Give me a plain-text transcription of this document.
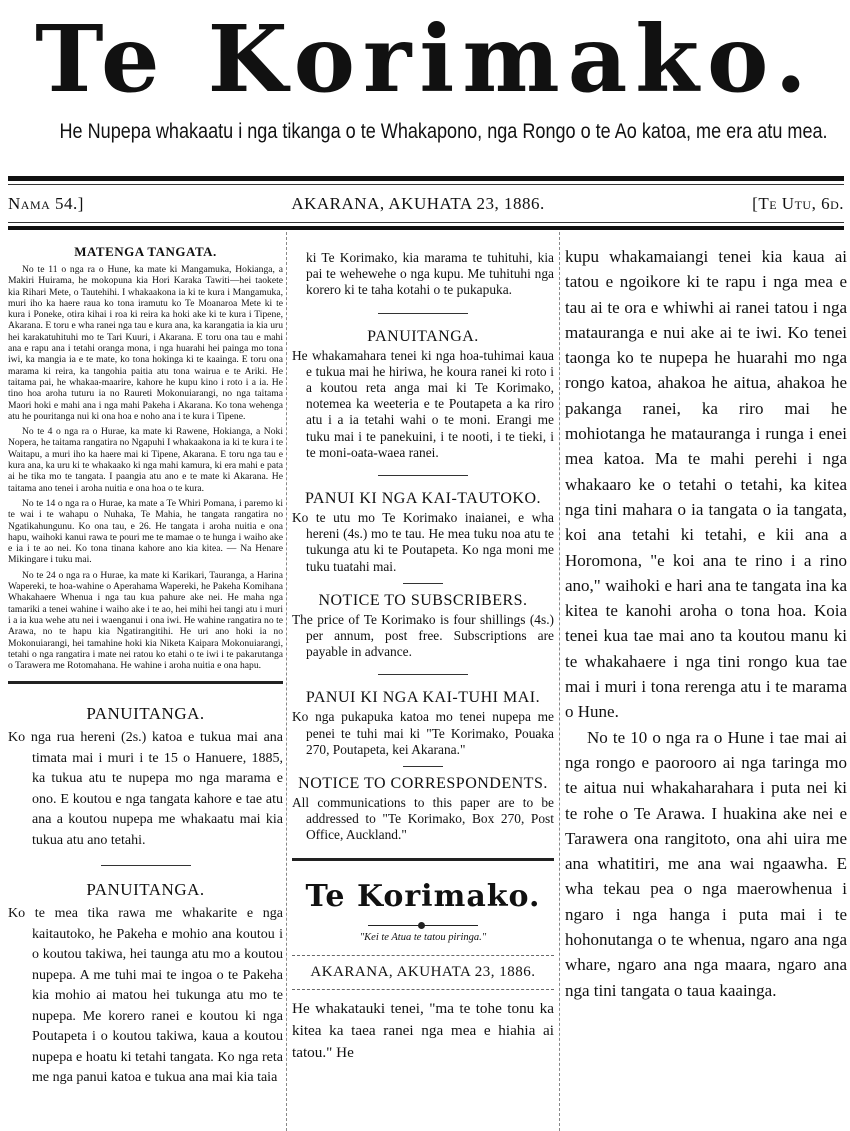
Te Korimako.
He Nupepa whakaatu i nga tikanga o te Whakapono, nga Rongo o te Ao katoa, me era atu mea.
Nama 54.]	AKARANA, AKUHATA 23, 1886.	[Te Utu, 6d.
MATENGA TANGATA.

No te 11 o nga ra o Hune, ka mate ki Mangamuka, Hokianga, a Makiri Huirama, he mokopuna kia Hori Karaka Tawiti—hei taokete kia Rihari Mete, o Tautehihi. I whakaakona ia ki te kura i Mangamuka, muri iho ka haere raua ko tona iramutu ko Te Moanaroa Mete ki te kura i Poneke, otira kihai i roa ki reira ka hoki ake ki te kura i Tipene, Akarana. E toru e wha ranei nga tau e kura ana, ka karangatia ia kia uru hei karakatuhituhi mo te Tari Kuuri, i Akarana. E toru ona tau e mahi ana e rapu ana i tetahi oranga mona, i nga huarahi hei painga mo tona iwi, ka mangia ia e te mate, ko tona hokinga ki te kaainga. E toru ona marama ki reira, ka tangohia paitia atu tona wairua e te Ariki. He taitama pai, he whakaa-maarire, kahore he kupu kino i roto i a ia. He tino hoa aroha tuturu ia no Raureti Mokonuiarangi, no nga taitama Maori hoki e mahi ana i nga mahi Pakeha i Akarana. Ko tona wehenga atu he pouritanga nui ki ona hoa e noho ana i te kura i Tipene.

No te 4 o nga ra o Hurae, ka mate ki Rawene, Hokianga, a Noki Nopera, he taitama rangatira no Ngapuhi I whakaakona ia ki te kura i te Waitapu, a muri iho ka haere mai ki Tipene, Akarana. E toru nga tau e kura ana, ka uru ki te whakaako ki nga mahi kamura, ki era mahi e pata ai he tika mo te tangata. I paangia atu ano e te mate ki Akarana. He taitama ano tenei i aroha nuitia e ona hoa o te kura.

No te 14 o nga ra o Hurae, ka mate a Te Whiri Pomana, i paremo ki te wai i te wahapu o Nuhaka, Te Mahia, he tangata rangatira no Ngatikahungunu. Ko ona tau, e 26. He tangata i aroha nuitia e ona hapu, waihoki kanui rawa te pouri me te mamae o te hunga i waiho ake e ia i te ao nei. Ko tona tinana kahore ano kia kitea. — Na Henare Mikingare i tuku mai.

No te 24 o nga ra o Hurae, ka mate ki Karikari, Tauranga, a Harina Wapereki, te hoa-wahine o Aperahama Wapereki, he Pakeha Komihana Whakahaere Whenua i nga tau kua pahure ake nei. He maha nga tamariki a tenei wahine i waiho ake i te ao, hei mihi hei tangi atu i muri i a ia kua wehe atu nei i waenganui i ona iwi. He wahine rangatira no te Arawa, no te hapu kia Ngatirangitihi. He uri ano hoki ia no Mokonuiarangi, hei tamahine hoki kia Niketa Kaipara Mokonuiarangi, tetahi o nga rangatira i mate nei ratou ko etahi o te iwi i te pakarutanga o Tarawera me Rotomahana. He wahine i aroha nuitia e ona hapu.

PANUITANGA.

Ko nga rua hereni (2s.) katoa e tukua mai ana timata mai i muri i te 15 o Hanuere, 1885, ka tukua atu te nupepa mo nga marama e ono. E koutou e nga tangata kahore e tae atu ana a koutou nupepa me whakaatu mai kia tukua atu ano tetahi.

PANUITANGA.

Ko te mea tika rawa me whakarite e nga kaitautoko, he Pakeha e mohio ana koutou i o koutou takiwa, hei taunga atu mo a koutou nupepa. A me tuhi mai te ingoa o te Pakeha kia mohio ai matou hei tukunga atu mo te nupepa. Me korero ranei e koutou ki nga Poutapeta i o koutou takiwa, kaua a koutou nupepa e hoatu ki tetahi tangata. Ko nga reta me nga panui katoa e tukua ana mai kia taia

ki Te Korimako, kia marama te tuhituhi, kia pai te wehewehe o nga kupu. Me tuhituhi nga korero ki te taha kotahi o te pukapuka.

PANUITANGA.

He whakamahara tenei ki nga hoa-tuhimai kaua e tukua mai he hiriwa, he koura ranei ki roto i a koutou reta anga mai ki Te Korimako, notemea ka weeteria e te Poutapeta a ka riro atu i a ia tetahi wahi o te moni. Erangi me tuku mai i te panekuini, i te nooti, i te tieki, i te moni-oata-waea ranei.

PANUI KI NGA KAI-TAUTOKO.

Ko te utu mo Te Korimako inaianei, e wha hereni (4s.) mo te tau. He mea tuku noa atu te tukunga atu ki te Poutapeta. Ko nga moni me tuku tuatahi mai.

NOTICE TO SUBSCRIBERS.

The price of Te Korimako is four shillings (4s.) per annum, post free. Subscriptions are payable in advance.

PANUI KI NGA KAI-TUHI MAI.

Ko nga pukapuka katoa mo tenei nupepa me penei te tuhi mai ki "Te Korimako, Pouaka 270, Poutapeta, kei Akarana."

NOTICE TO CORRESPONDENTS.

All communications to this paper are to be addressed to "Te Korimako, Box 270, Post Office, Auckland."

Te Korimako.
"Kei te Atua te tatou piringa."
AKARANA, AKUHATA 23, 1886.

He whakatauki tenei, "ma te tohe tonu ka kitea ka taea ranei nga mea e hiahia ai tatou." He

kupu whakamaiangi tenei kia kaua ai tatou e ngoikore ki te rapu i nga mea e tau ai te ora e whiwhi ai ranei tatou i nga matauranga e nui ake ai te iwi. Ko tenei taonga ko te nupepa he huarahi mo nga rongo katoa, ahakoa he aitua, ahakoa he pakanga ranei, ka riro mai he mohiotanga he matauranga i runga i enei mea katoa. Ma te mahi perehi i nga whakaaro ke o tetahi o tetahi, ka kitea nga tini mahara o ia tangata o ia tangata, koi ana tetahi ki tetahi, e kii ana a Horomona, "e koi ana te rino i a rino ano," waihoki e hari ana te tangata ina ka kitea te kanohi aroha o tona hoa. Koia tenei kua tae mai ano ta koutou manu ki te whakahaere i nga tini rongo kua tae mai i muri i tona rerenga atu i te marama o Hune.

No te 10 o nga ra o Hune i tae mai ai nga rongo e paorooro ai nga taringa mo te aitua nui whakaharahara i puta nei ki te rohe o Te Arawa. I huakina ake nei e Tarawera ona rangitoto, ona ahi uira me ana whatitiri, me ana wai ngaawha. E wha tekau pea o nga maerowhenua i ngaro i nga hanga i puta mai i te hohonutanga o te whenua, ngaro ana nga whare, ngaro ana nga maara, ngaro ana nga tini tangata o taua kaainga.
